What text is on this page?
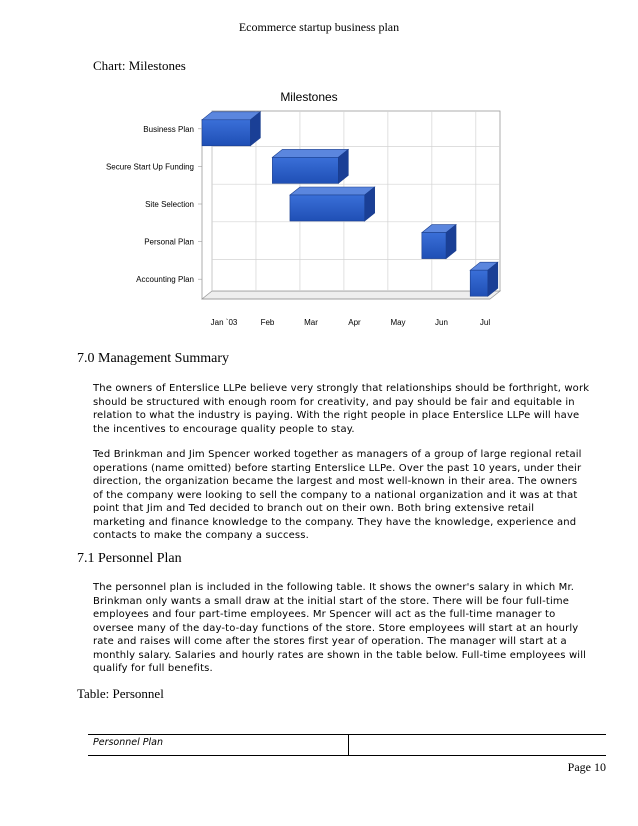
Ecommerce startup business plan
Chart: Milestones
Milestones
Business Plan
Secure Start Up Funding
Site Selection
Personal Plan
Accounting Plan
Jan `03	Feb	Mar	Apr	May	Jun	Jul
7.0 Management Summary
The owners of Enterslice LLPe believe very strongly that relationships should be forthright, work
should be structured with enough room for creativity, and pay should be fair and equitable in
relation to what the industry is paying. With the right people in place Enterslice LLPe will have
the incentives to encourage quality people to stay.
Ted Brinkman and Jim Spencer worked together as managers of a group of large regional retail
operations (name omitted) before starting Enterslice LLPe. Over the past 10 years, under their
direction, the organization became the largest and most well-known in their area. The owners
of the company were looking to sell the company to a national organization and it was at that
point that Jim and Ted decided to branch out on their own. Both bring extensive retail
marketing and finance knowledge to the company. They have the knowledge, experience and
contacts to make the company a success.
7.1 Personnel Plan
The personnel plan is included in the following table. It shows the owner's salary in which Mr.
Brinkman only wants a small draw at the initial start of the store. There will be four full-time
employees and four part-time employees. Mr Spencer will act as the full-time manager to
oversee many of the day-to-day functions of the store. Store employees will start at an hourly
rate and raises will come after the stores first year of operation. The manager will start at a
monthly salary. Salaries and hourly rates are shown in the table below. Full-time employees will
qualify for full benefits.
Table: Personnel
Personnel Plan
Page 10
